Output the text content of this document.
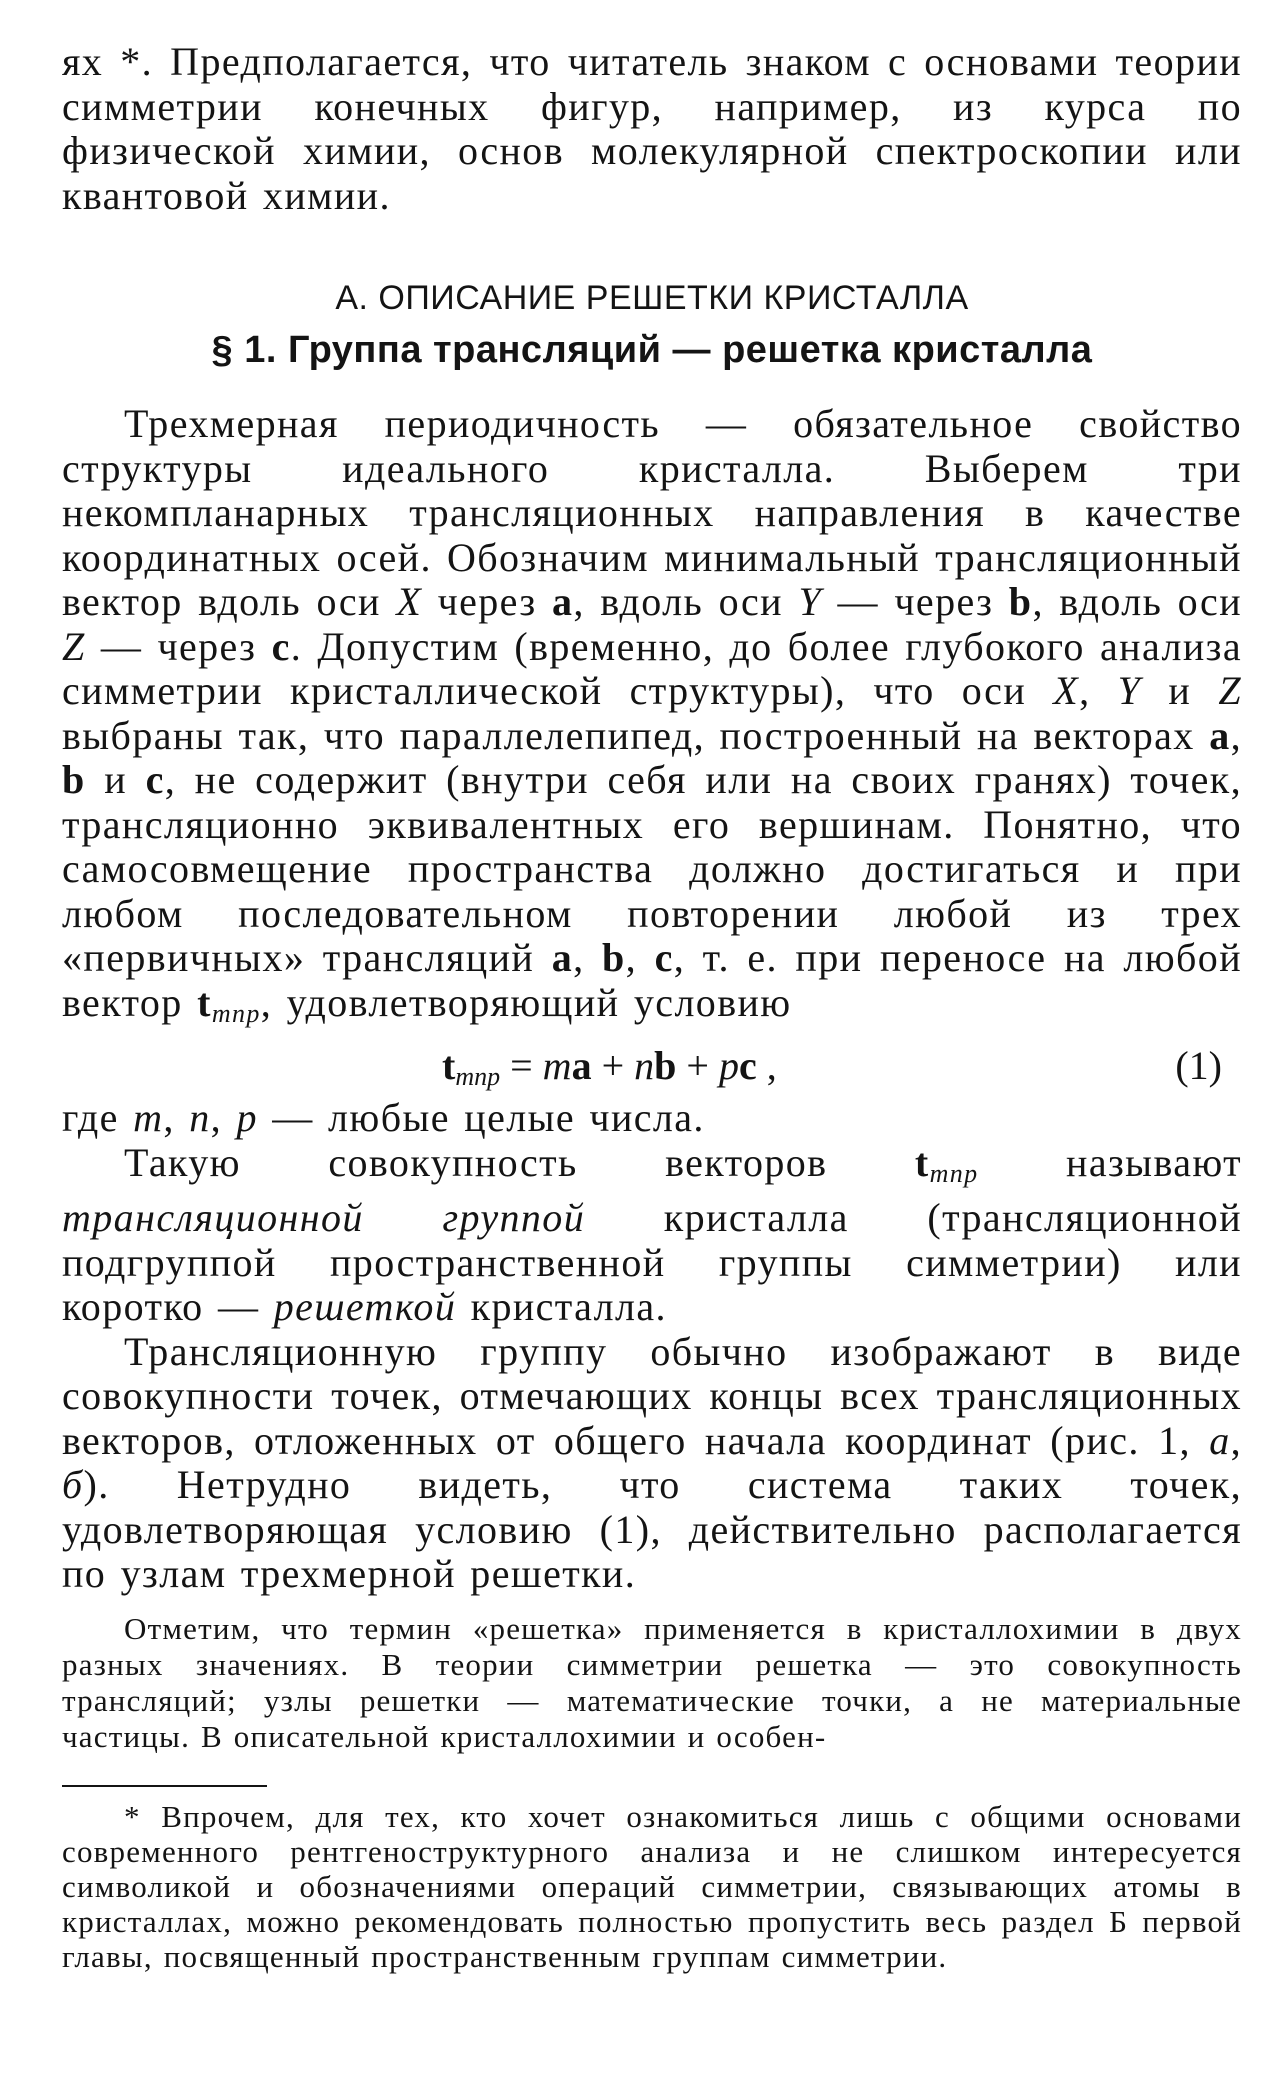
ях *. Предполагается, что читатель знаком с основами теории симметрии конечных фигур, например, из курса по физической химии, основ молекулярной спектроскопии или квантовой химии.

А. ОПИСАНИЕ РЕШЕТКИ КРИСТАЛЛА
§ 1. Группа трансляций — решетка кристалла

Трехмерная периодичность — обязательное свойство структуры идеального кристалла. Выберем три некомпланарных трансляционных направления в качестве координатных осей. Обозначим минимальный трансляционный вектор вдоль оси X через a, вдоль оси Y — через b, вдоль оси Z — через c. Допустим (временно, до более глубокого анализа симметрии кристаллической структуры), что оси X, Y и Z выбраны так, что параллелепипед, построенный на векторах a, b и c, не содержит (внутри себя или на своих гранях) точек, трансляционно эквивалентных его вершинам. Понятно, что самосовмещение пространства должно достигаться и при любом последовательном повторении любой из трех «первичных» трансляций a, b, c, т. е. при переносе на любой вектор $t_{mnp}$, удовлетворяющий условию

$t_{mnp}$ = ma + nb + pc ,	(1)

где m, n, p — любые целые числа.

Такую совокупность векторов $t_{mnp}$ называют трансляционной группой кристалла (трансляционной подгруппой пространственной группы симметрии) или коротко — решеткой кристалла.

Трансляционную группу обычно изображают в виде совокупности точек, отмечающих концы всех трансляционных векторов, отложенных от общего начала координат (рис. 1, а, б). Нетрудно видеть, что система таких точек, удовлетворяющая условию (1), действительно располагается по узлам трехмерной решетки.

Отметим, что термин «решетка» применяется в кристаллохимии в двух разных значениях. В теории симметрии решетка — это совокупность трансляций; узлы решетки — математические точки, а не материальные частицы. В описательной кристаллохимии и особен-

* Впрочем, для тех, кто хочет ознакомиться лишь с общими основами современного рентгеноструктурного анализа и не слишком интересуется символикой и обозначениями операций симметрии, связывающих атомы в кристаллах, можно рекомендовать полностью пропустить весь раздел Б первой главы, посвященный пространственным группам симметрии.
